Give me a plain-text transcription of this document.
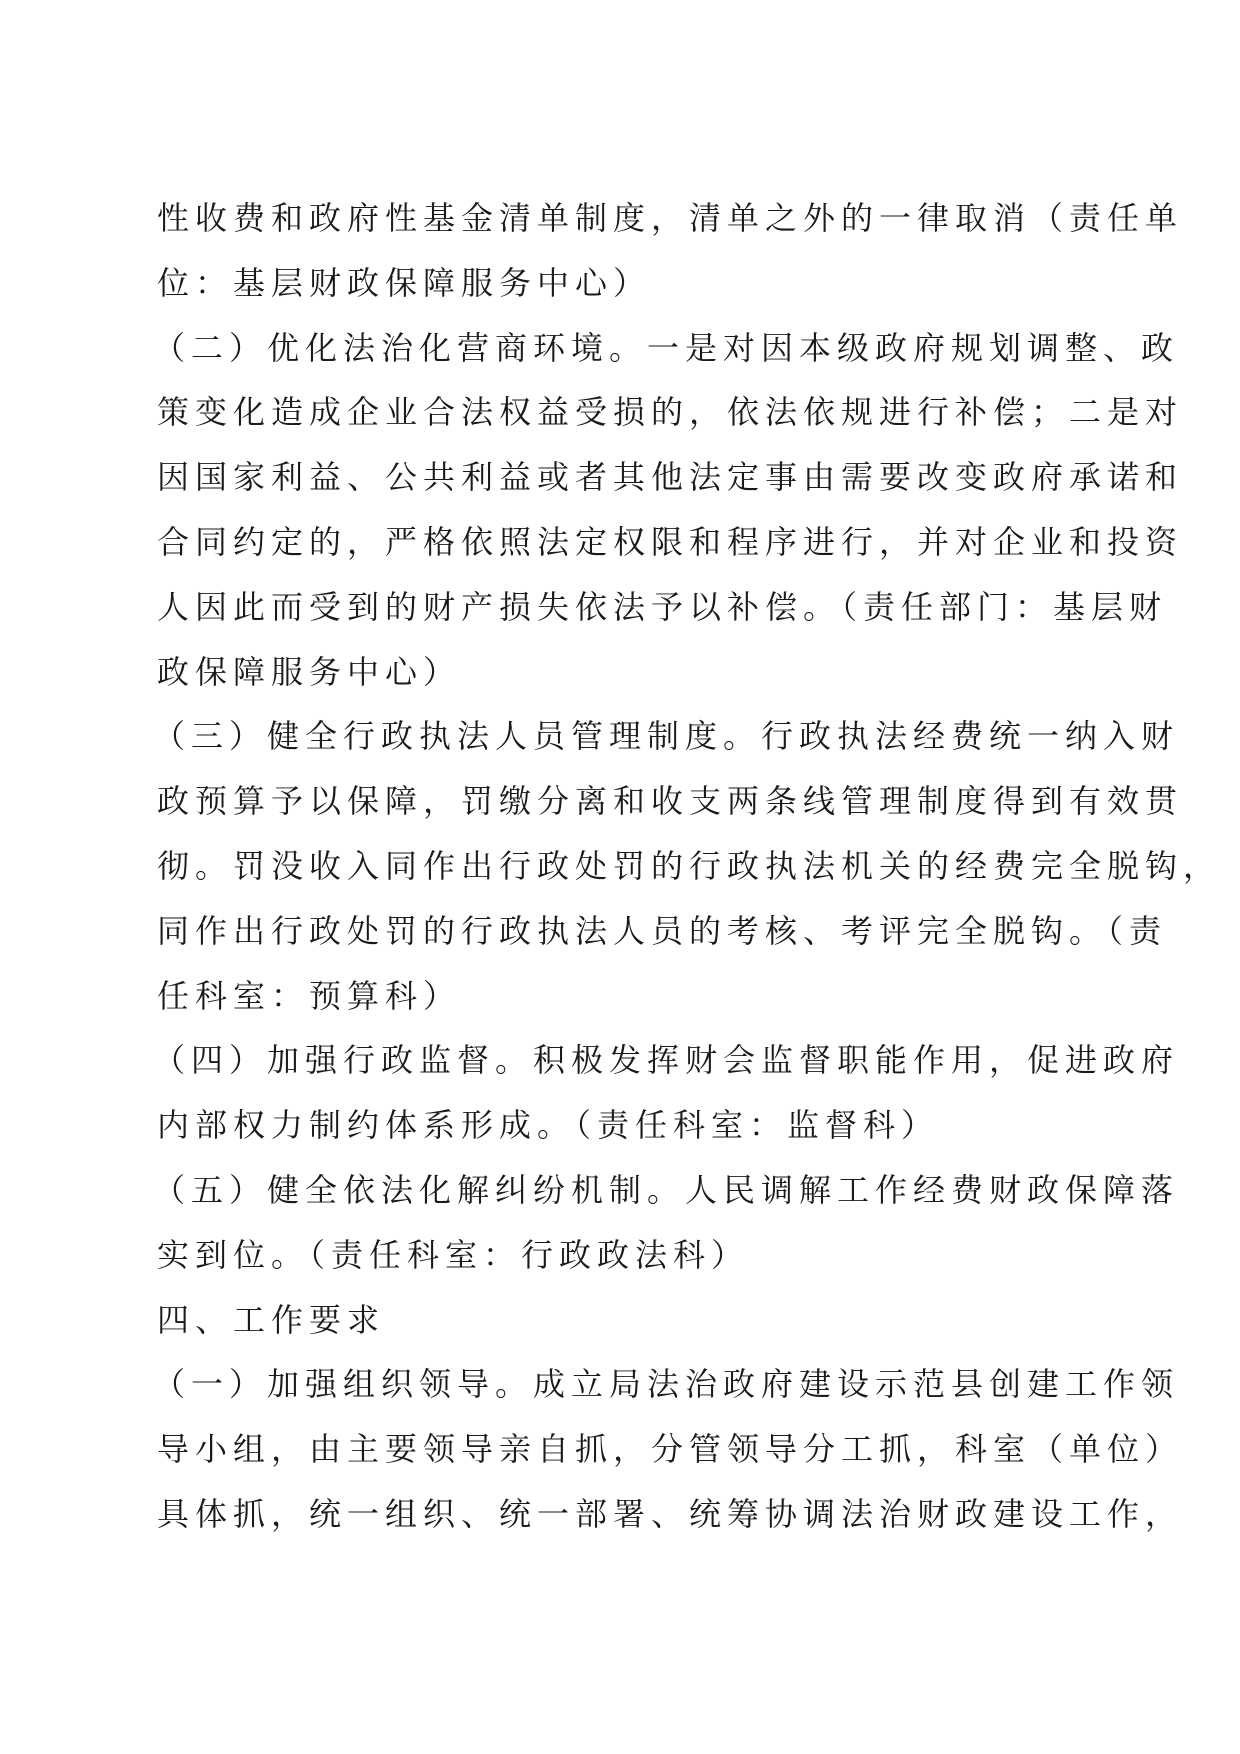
性收费和政府性基金清单制度，清单之外的一律取消（责任单
位：基层财政保障服务中心）
（二）优化法治化营商环境。一是对因本级政府规划调整、政
策变化造成企业合法权益受损的，依法依规进行补偿；二是对
因国家利益、公共利益或者其他法定事由需要改变政府承诺和
合同约定的，严格依照法定权限和程序进行，并对企业和投资
人因此而受到的财产损失依法予以补偿。（责任部门：基层财
政保障服务中心）
（三）健全行政执法人员管理制度。行政执法经费统一纳入财
政预算予以保障，罚缴分离和收支两条线管理制度得到有效贯
彻。罚没收入同作出行政处罚的行政执法机关的经费完全脱钩，
同作出行政处罚的行政执法人员的考核、考评完全脱钩。（责
任科室：预算科）
（四）加强行政监督。积极发挥财会监督职能作用，促进政府
内部权力制约体系形成。（责任科室：监督科）
（五）健全依法化解纠纷机制。人民调解工作经费财政保障落
实到位。（责任科室：行政政法科）
四、工作要求
（一）加强组织领导。成立局法治政府建设示范县创建工作领
导小组，由主要领导亲自抓，分管领导分工抓，科室（单位）
具体抓，统一组织、统一部署、统筹协调法治财政建设工作，
